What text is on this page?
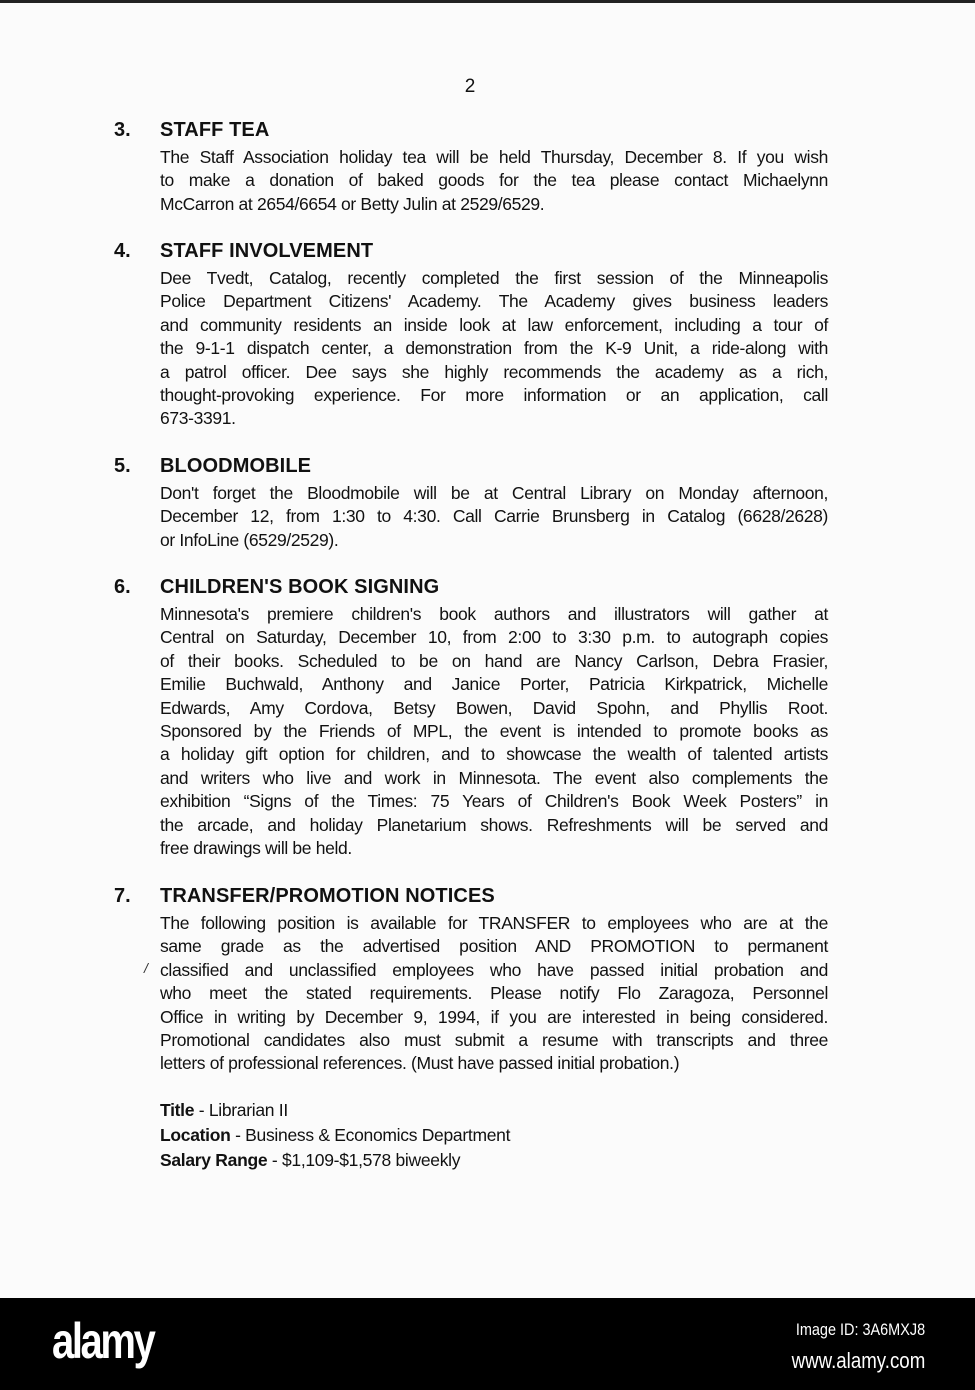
2
3. STAFF TEA
The Staff Association holiday tea will be held Thursday, December 8. If you wish
to make a donation of baked goods for the tea please contact Michaelynn
McCarron at 2654/6654 or Betty Julin at 2529/6529.
4. STAFF INVOLVEMENT
Dee Tvedt, Catalog, recently completed the first session of the Minneapolis
Police Department Citizens' Academy. The Academy gives business leaders
and community residents an inside look at law enforcement, including a tour of
the 9-1-1 dispatch center, a demonstration from the K-9 Unit, a ride-along with
a patrol officer. Dee says she highly recommends the academy as a rich,
thought-provoking experience. For more information or an application, call
673-3391.
5. BLOODMOBILE
Don't forget the Bloodmobile will be at Central Library on Monday afternoon,
December 12, from 1:30 to 4:30. Call Carrie Brunsberg in Catalog (6628/2628)
or InfoLine (6529/2529).
6. CHILDREN'S BOOK SIGNING
Minnesota's premiere children's book authors and illustrators will gather at
Central on Saturday, December 10, from 2:00 to 3:30 p.m. to autograph copies
of their books. Scheduled to be on hand are Nancy Carlson, Debra Frasier,
Emilie Buchwald, Anthony and Janice Porter, Patricia Kirkpatrick, Michelle
Edwards, Amy Cordova, Betsy Bowen, David Spohn, and Phyllis Root.
Sponsored by the Friends of MPL, the event is intended to promote books as
a holiday gift option for children, and to showcase the wealth of talented artists
and writers who live and work in Minnesota. The event also complements the
exhibition “Signs of the Times: 75 Years of Children's Book Week Posters” in
the arcade, and holiday Planetarium shows. Refreshments will be served and
free drawings will be held.
7. TRANSFER/PROMOTION NOTICES
The following position is available for TRANSFER to employees who are at the
same grade as the advertised position AND PROMOTION to permanent
classified and unclassified employees who have passed initial probation and
who meet the stated requirements. Please notify Flo Zaragoza, Personnel
Office in writing by December 9, 1994, if you are interested in being considered.
Promotional candidates also must submit a resume with transcripts and three
letters of professional references. (Must have passed initial probation.)
/
Title - Librarian II
Location - Business & Economics Department
Salary Range - $1,109-$1,578 biweekly
alamy	Image ID: 3A6MXJ8
www.alamy.com
